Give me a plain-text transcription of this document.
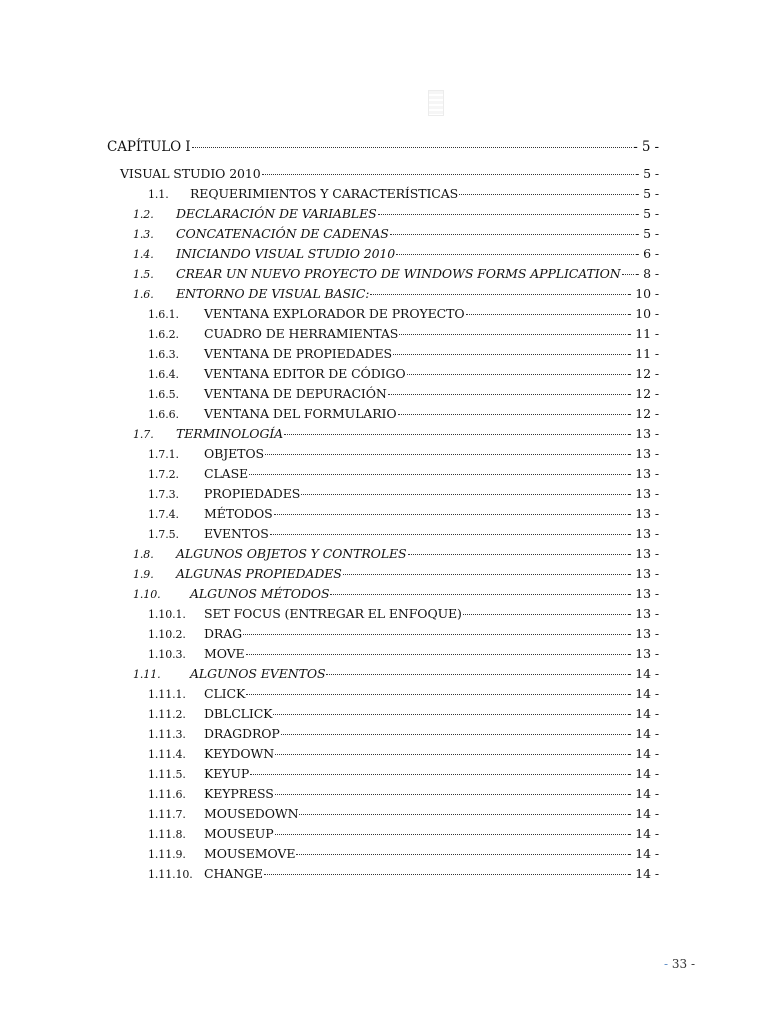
CAPÍTULO I	- 5 -
VISUAL STUDIO 2010	- 5 -
1.1.	REQUERIMIENTOS Y CARACTERÍSTICAS	- 5 -
1.2.	DECLARACIÓN DE VARIABLES	- 5 -
1.3.	CONCATENACIÓN DE CADENAS	- 5 -
1.4.	INICIANDO VISUAL STUDIO 2010	- 6 -
1.5.	CREAR UN NUEVO PROYECTO DE WINDOWS FORMS APPLICATION - 8 -
1.6.	ENTORNO DE VISUAL BASIC:	- 10 -
1.6.1.	VENTANA EXPLORADOR DE PROYECTO	- 10 -
1.6.2.	CUADRO DE HERRAMIENTAS	- 11 -
1.6.3.	VENTANA DE PROPIEDADES	- 11 -
1.6.4.	VENTANA EDITOR DE CÓDIGO	- 12 -
1.6.5.	VENTANA DE DEPURACIÓN	- 12 -
1.6.6.	VENTANA DEL FORMULARIO	- 12 -
1.7.	TERMINOLOGÍA	- 13 -
1.7.1.	OBJETOS	- 13 -
1.7.2.	CLASE	- 13 -
1.7.3.	PROPIEDADES	- 13 -
1.7.4.	MÉTODOS	- 13 -
1.7.5.	EVENTOS	- 13 -
1.8.	ALGUNOS OBJETOS Y CONTROLES	- 13 -
1.9.	ALGUNAS PROPIEDADES	- 13 -
1.10.	ALGUNOS MÉTODOS	- 13 -
1.10.1.	SET FOCUS (ENTREGAR EL ENFOQUE)	- 13 -
1.10.2.	DRAG	- 13 -
1.10.3.	MOVE	- 13 -
1.11.	ALGUNOS EVENTOS	- 14 -
1.11.1.	CLICK	- 14 -
1.11.2.	DBLCLICK	- 14 -
1.11.3.	DRAGDROP	- 14 -
1.11.4.	KEYDOWN	- 14 -
1.11.5.	KEYUP	- 14 -
1.11.6.	KEYPRESS	- 14 -
1.11.7.	MOUSEDOWN	- 14 -
1.11.8.	MOUSEUP	- 14 -
1.11.9.	MOUSEMOVE	- 14 -
1.11.10. CHANGE	- 14 -
- 33 -
